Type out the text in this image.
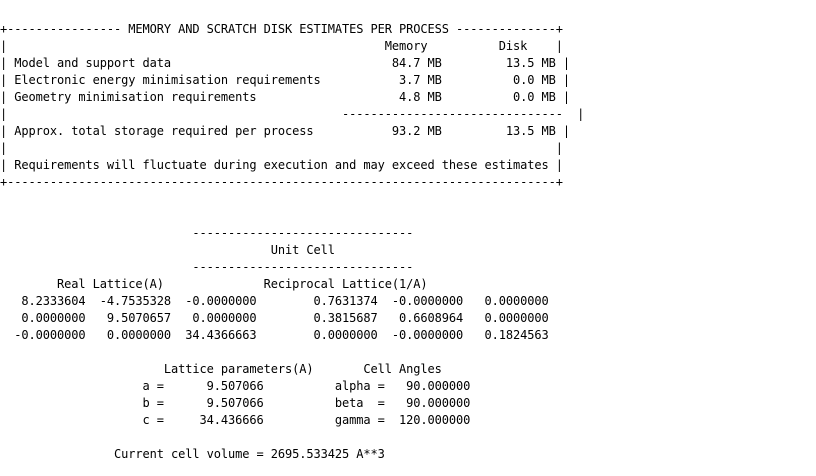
+---------------- MEMORY AND SCRATCH DISK ESTIMATES PER PROCESS --------------+
|                                                     Memory          Disk    |
| Model and support data                               84.7 MB         13.5 MB |
| Electronic energy minimisation requirements           3.7 MB          0.0 MB |
| Geometry minimisation requirements                    4.8 MB          0.0 MB |
|                                               -------------------------------  |
| Approx. total storage required per process           93.2 MB         13.5 MB |
|                                                                             |
| Requirements will fluctuate during execution and may exceed these estimates |
+-----------------------------------------------------------------------------+
-------------------------------
Unit Cell
-------------------------------
Real Lattice(A)              Reciprocal Lattice(1/A)
8.2333604  -4.7535328  -0.0000000        0.7631374  -0.0000000   0.0000000
0.0000000   9.5070657   0.0000000        0.3815687   0.6608964   0.0000000
-0.0000000   0.0000000  34.4366663        0.0000000  -0.0000000   0.1824563
Lattice parameters(A)       Cell Angles
a =      9.507066          alpha =   90.000000
b =      9.507066          beta  =   90.000000
c =     34.436666          gamma =  120.000000
Current cell volume = 2695.533425 A**3
